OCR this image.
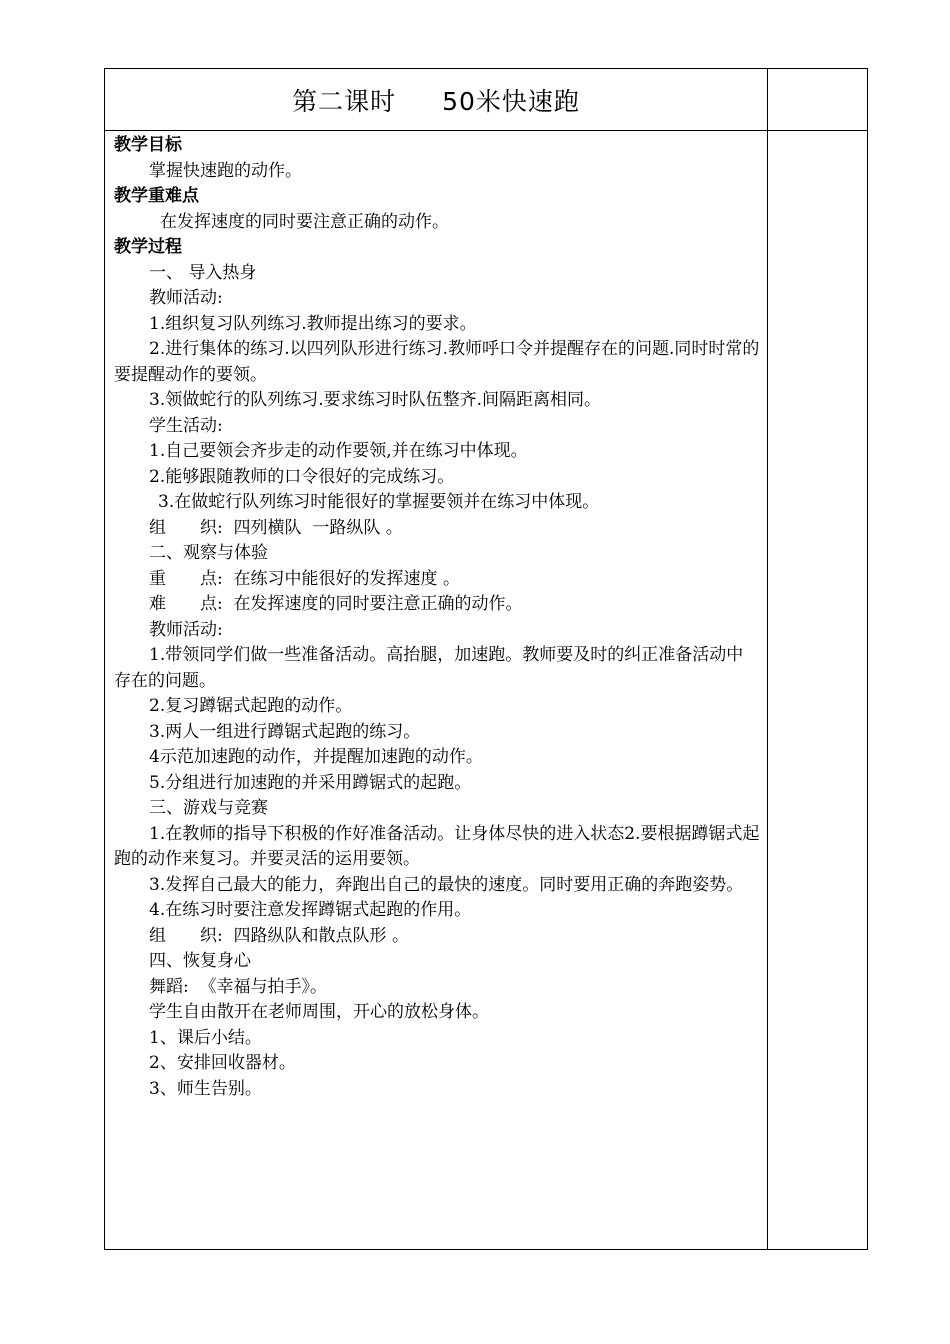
第二课时 50米快速跑

教学目标

掌握快速跑的动作。

教学重难点

在发挥速度的同时要注意正确的动作。

教学过程

一、 导入热身

教师活动:

1.组织复习队列练习.教师提出练习的要求。

2.进行集体的练习.以四列队形进行练习.教师呼口令并提醒存在的问题.同时时常的要提醒动作的要领。

3.领做蛇行的队列练习.要求练习时队伍整齐.间隔距离相同。

学生活动:

1.自己要领会齐步走的动作要领,并在练习中体现。

2.能够跟随教师的口令很好的完成练习。

3.在做蛇行队列练习时能很好的掌握要领并在练习中体现。

组　　织:  四列横队  一路纵队 。

二、观察与体验

重　　点:  在练习中能很好的发挥速度 。

难　　点:  在发挥速度的同时要注意正确的动作。

教师活动:

1.带领同学们做一些准备活动。高抬腿，加速跑。教师要及时的纠正准备活动中存在的问题。

2.复习蹲锯式起跑的动作。

3.两人一组进行蹲锯式起跑的练习。

4示范加速跑的动作，并提醒加速跑的动作。

5.分组进行加速跑的并采用蹲锯式的起跑。

三、游戏与竞赛

1.在教师的指导下积极的作好准备活动。让身体尽快的进入状态2.要根据蹲锯式起跑的动作来复习。并要灵活的运用要领。

3.发挥自己最大的能力，奔跑出自己的最快的速度。同时要用正确的奔跑姿势。

4.在练习时要注意发挥蹲锯式起跑的作用。

组　　织:  四路纵队和散点队形 。

四、恢复身心

舞蹈:  《幸福与拍手》。

学生自由散开在老师周围，开心的放松身体。

1、课后小结。

2、安排回收器材。

3、师生告别。
